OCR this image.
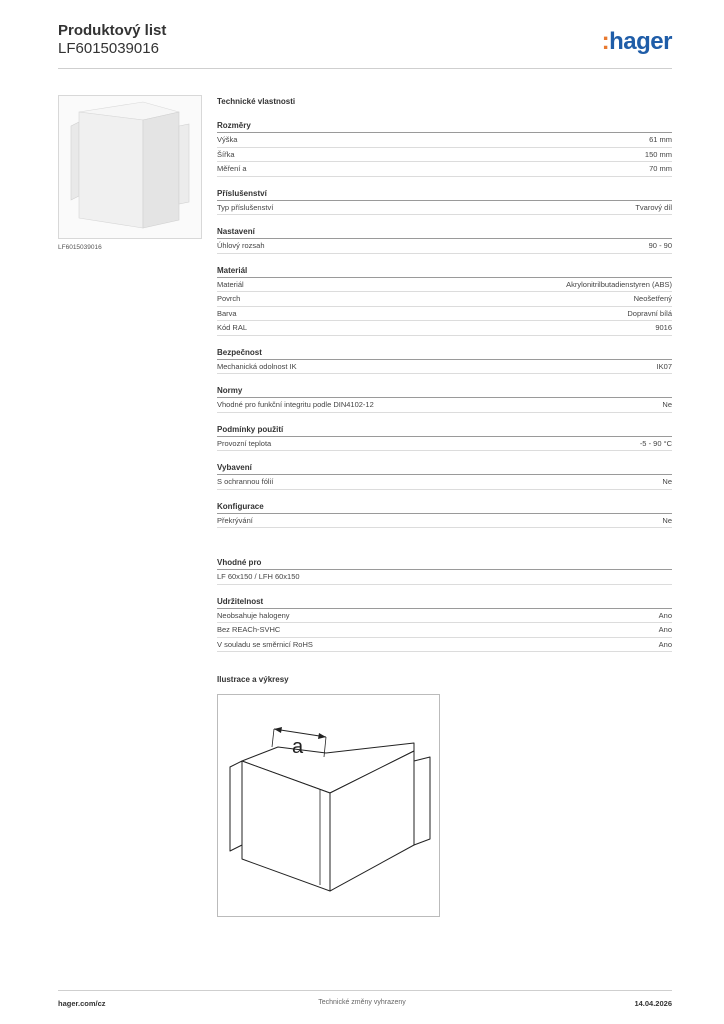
Produktový list
LF6015039016	:hager
LF6015039016
Technické vlastnosti
Rozměry
Výška	61 mm
Šířka	150 mm
Měření a	70 mm
Příslušenství
Typ příslušenství	Tvarový díl
Nastavení
Úhlový rozsah	90 - 90
Materiál
Materiál	Akrylonitrilbutadienstyren (ABS)
Povrch	Neošetřený
Barva	Dopravní bílá
Kód RAL	9016
Bezpečnost
Mechanická odolnost IK	IK07
Normy
Vhodné pro funkční integritu podle DIN4102-12	Ne
Podmínky použití
Provozní teplota	-5 - 90 °C
Vybavení
S ochrannou fólií	Ne
Konfigurace
Překrývání	Ne
Vhodné pro
LF 60x150 / LFH 60x150
Udržitelnost
Neobsahuje halogeny	Ano
Bez REACh-SVHC	Ano
V souladu se směrnicí RoHS	Ano
Ilustrace a výkresy
a
hager.com/cz	Technické změny vyhrazeny	14.04.2026
